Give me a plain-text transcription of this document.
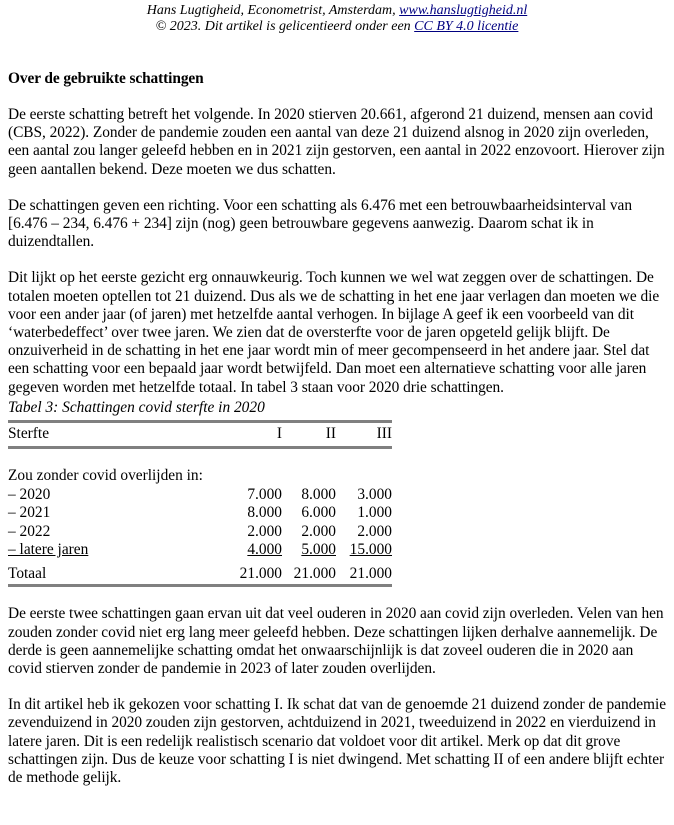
Hans Lugtigheid, Econometrist, Amsterdam, www.hanslugtigheid.nl
© 2023. Dit artikel is gelicentieerd onder een CC BY 4.0 licentie
Over de gebruikte schattingen

De eerste schatting betreft het volgende. In 2020 stierven 20.661, afgerond 21 duizend, mensen aan covid (CBS, 2022). Zonder de pandemie zouden een aantal van deze 21 duizend alsnog in 2020 zijn overleden, een aantal zou langer geleefd hebben en in 2021 zijn gestorven, een aantal in 2022 enzovoort. Hierover zijn geen aantallen bekend. Deze moeten we dus schatten.

De schattingen geven een richting. Voor een schatting als 6.476 met een betrouwbaarheidsinterval van [6.476 – 234, 6.476 + 234] zijn (nog) geen betrouwbare gegevens aanwezig. Daarom schat ik in duizendtallen.

Dit lijkt op het eerste gezicht erg onnauwkeurig. Toch kunnen we wel wat zeggen over de schattingen. De totalen moeten optellen tot 21 duizend. Dus als we de schatting in het ene jaar verlagen dan moeten we die voor een ander jaar (of jaren) met hetzelfde aantal verhogen. In bijlage A geef ik een voorbeeld van dit ‘waterbedeffect’ over twee jaren. We zien dat de oversterfte voor de jaren opgeteld gelijk blijft. De onzuiverheid in de schatting in het ene jaar wordt min of meer gecompenseerd in het andere jaar. Stel dat een schatting voor een bepaald jaar wordt betwijfeld. Dan moet een alternatieve schatting voor alle jaren gegeven worden met hetzelfde totaal. In tabel 3 staan voor 2020 drie schattingen.

Tabel 3: Schattingen covid sterfte in 2020
Sterfte	I	II	III

Zou zonder covid overlijden in:			
– 2020	7.000	8.000	3.000
– 2021	8.000	6.000	1.000
– 2022	2.000	2.000	2.000
– latere jaren	4.000	5.000	15.000
Totaal	21.000	21.000	21.000

De eerste twee schattingen gaan ervan uit dat veel ouderen in 2020 aan covid zijn overleden. Velen van hen zouden zonder covid niet erg lang meer geleefd hebben. Deze schattingen lijken derhalve aannemelijk. De derde is geen aannemelijke schatting omdat het onwaarschijnlijk is dat zoveel ouderen die in 2020 aan covid stierven zonder de pandemie in 2023 of later zouden overlijden.

In dit artikel heb ik gekozen voor schatting I. Ik schat dat van de genoemde 21 duizend zonder de pandemie zevenduizend in 2020 zouden zijn gestorven, achtduizend in 2021, tweeduizend in 2022 en vierduizend in latere jaren. Dit is een redelijk realistisch scenario dat voldoet voor dit artikel. Merk op dat dit grove schattingen zijn. Dus de keuze voor schatting I is niet dwingend. Met schatting II of een andere blijft echter de methode gelijk.
